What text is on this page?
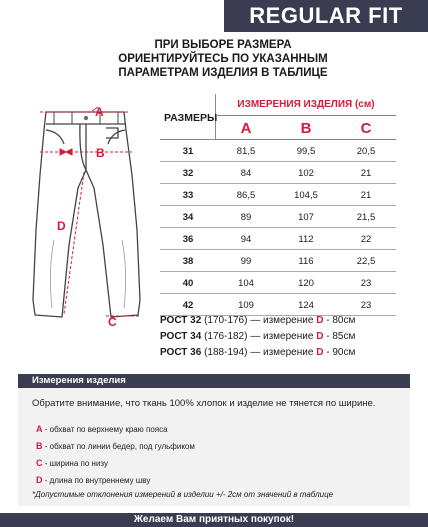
REGULAR FIT
ПРИ ВЫБОРЕ РАЗМЕРА
ОРИЕНТИРУЙТЕСЬ ПО УКАЗАННЫМ
ПАРАМЕТРАМ ИЗДЕЛИЯ В ТАБЛИЦЕ
A
B
D
C
РАЗМЕРЫ
ИЗМЕРЕНИЯ ИЗДЕЛИЯ (см)
A	B	C
31	81,5	99,5	20,5
32	84	102	21
33	86,5	104,5	21
34	89	107	21,5
36	94	112	22
38	99	116	22,5
40	104	120	23
42	109	124	23
РОСТ 32 (170-176) — измерение D - 80см
РОСТ 34 (176-182) — измерение D - 85см
РОСТ 36 (188-194) — измерение D - 90см
Измерения изделия
Обратите внимание, что ткань 100% хлопок и изделие не тянется по ширине.
A - обхват по верхнему краю пояса
B - обхват по линии бедер, под гульфиком
C - ширина по низу
D - длина по внутреннему шву
*Допустимые отклонения измерений в изделии +/- 2см от значений в таблице
Желаем Вам приятных покупок!
